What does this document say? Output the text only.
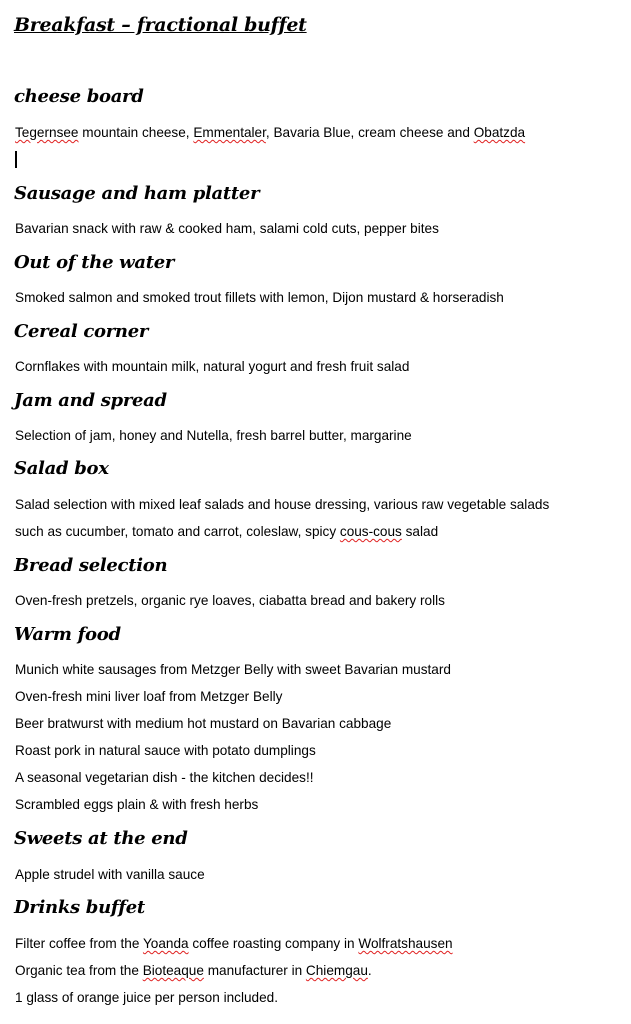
Breakfast – fractional buffet
cheese board
Tegernsee mountain cheese, Emmentaler, Bavaria Blue, cream cheese and Obatzda
Sausage and ham platter
Bavarian snack with raw & cooked ham, salami cold cuts, pepper bites
Out of the water
Smoked salmon and smoked trout fillets with lemon, Dijon mustard & horseradish
Cereal corner
Cornflakes with mountain milk, natural yogurt and fresh fruit salad
Jam and spread
Selection of jam, honey and Nutella, fresh barrel butter, margarine
Salad box
Salad selection with mixed leaf salads and house dressing, various raw vegetable salads
such as cucumber, tomato and carrot, coleslaw, spicy cous-cous salad
Bread selection
Oven-fresh pretzels, organic rye loaves, ciabatta bread and bakery rolls
Warm food
Munich white sausages from Metzger Belly with sweet Bavarian mustard
Oven-fresh mini liver loaf from Metzger Belly
Beer bratwurst with medium hot mustard on Bavarian cabbage
Roast pork in natural sauce with potato dumplings
A seasonal vegetarian dish - the kitchen decides!!
Scrambled eggs plain & with fresh herbs
Sweets at the end
Apple strudel with vanilla sauce
Drinks buffet
Filter coffee from the Yoanda coffee roasting company in Wolfratshausen
Organic tea from the Bioteaque manufacturer in Chiemgau.
1 glass of orange juice per person included.
